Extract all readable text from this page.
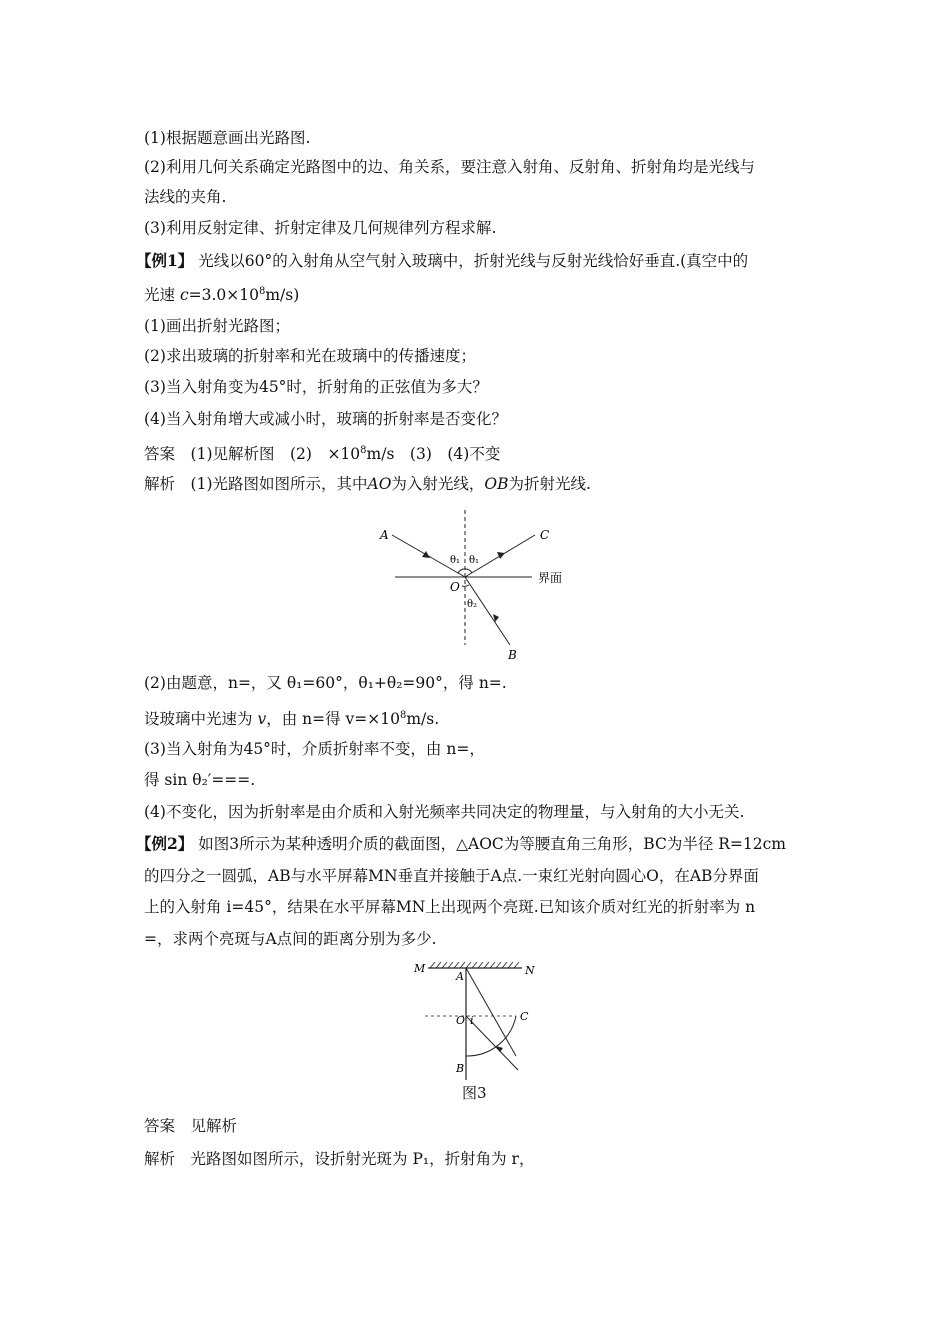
(1)根据题意画出光路图.
(2)利用几何关系确定光路图中的边、角关系，要注意入射角、反射角、折射角均是光线与
法线的夹角.
(3)利用反射定律、折射定律及几何规律列方程求解.
【例1】 光线以60°的入射角从空气射入玻璃中，折射光线与反射光线恰好垂直.(真空中的
光速 $c=3.0\times 10^8m/s$)
(1)画出折射光路图；
(2)求出玻璃的折射率和光在玻璃中的传播速度；
(3)当入射角变为45°时，折射角的正弦值为多大？
(4)当入射角增大或减小时，玻璃的折射率是否变化？
答案　 (1)见解析图　(2)　$\times 10^8m/s$　(3)　(4)不变
解析　 (1)光路图如图所示，其中AO为入射光线，OB为折射光线.
A	C
B
O
θ₁ θ₁
θ₂
界面
(2)由题意，n=，又 θ₁=60°，θ₁+θ₂=90°，得 n=.
设玻璃中光速为 v，由 n=得 $v=\times 10^8m/s$.
(3)当入射角为45°时，介质折射率不变，由 n=，
得 sin θ₂′===.
(4)不变化，因为折射率是由介质和入射光频率共同决定的物理量，与入射角的大小无关.
【例2】 如图3所示为某种透明介质的截面图，△AOC为等腰直角三角形，BC为半径 R=12cm
的四分之一圆弧，AB与水平屏幕MN垂直并接触于A点.一束红光射向圆心O，在AB分界面
上的入射角 i=45°，结果在水平屏幕MN上出现两个亮斑.已知该介质对红光的折射率为 n
=，求两个亮斑与A点间的距离分别为多少.
M	N
A
O i	C
B
图3
答案　 见解析
解析　 光路图如图所示，设折射光斑为 P₁，折射角为 r，
